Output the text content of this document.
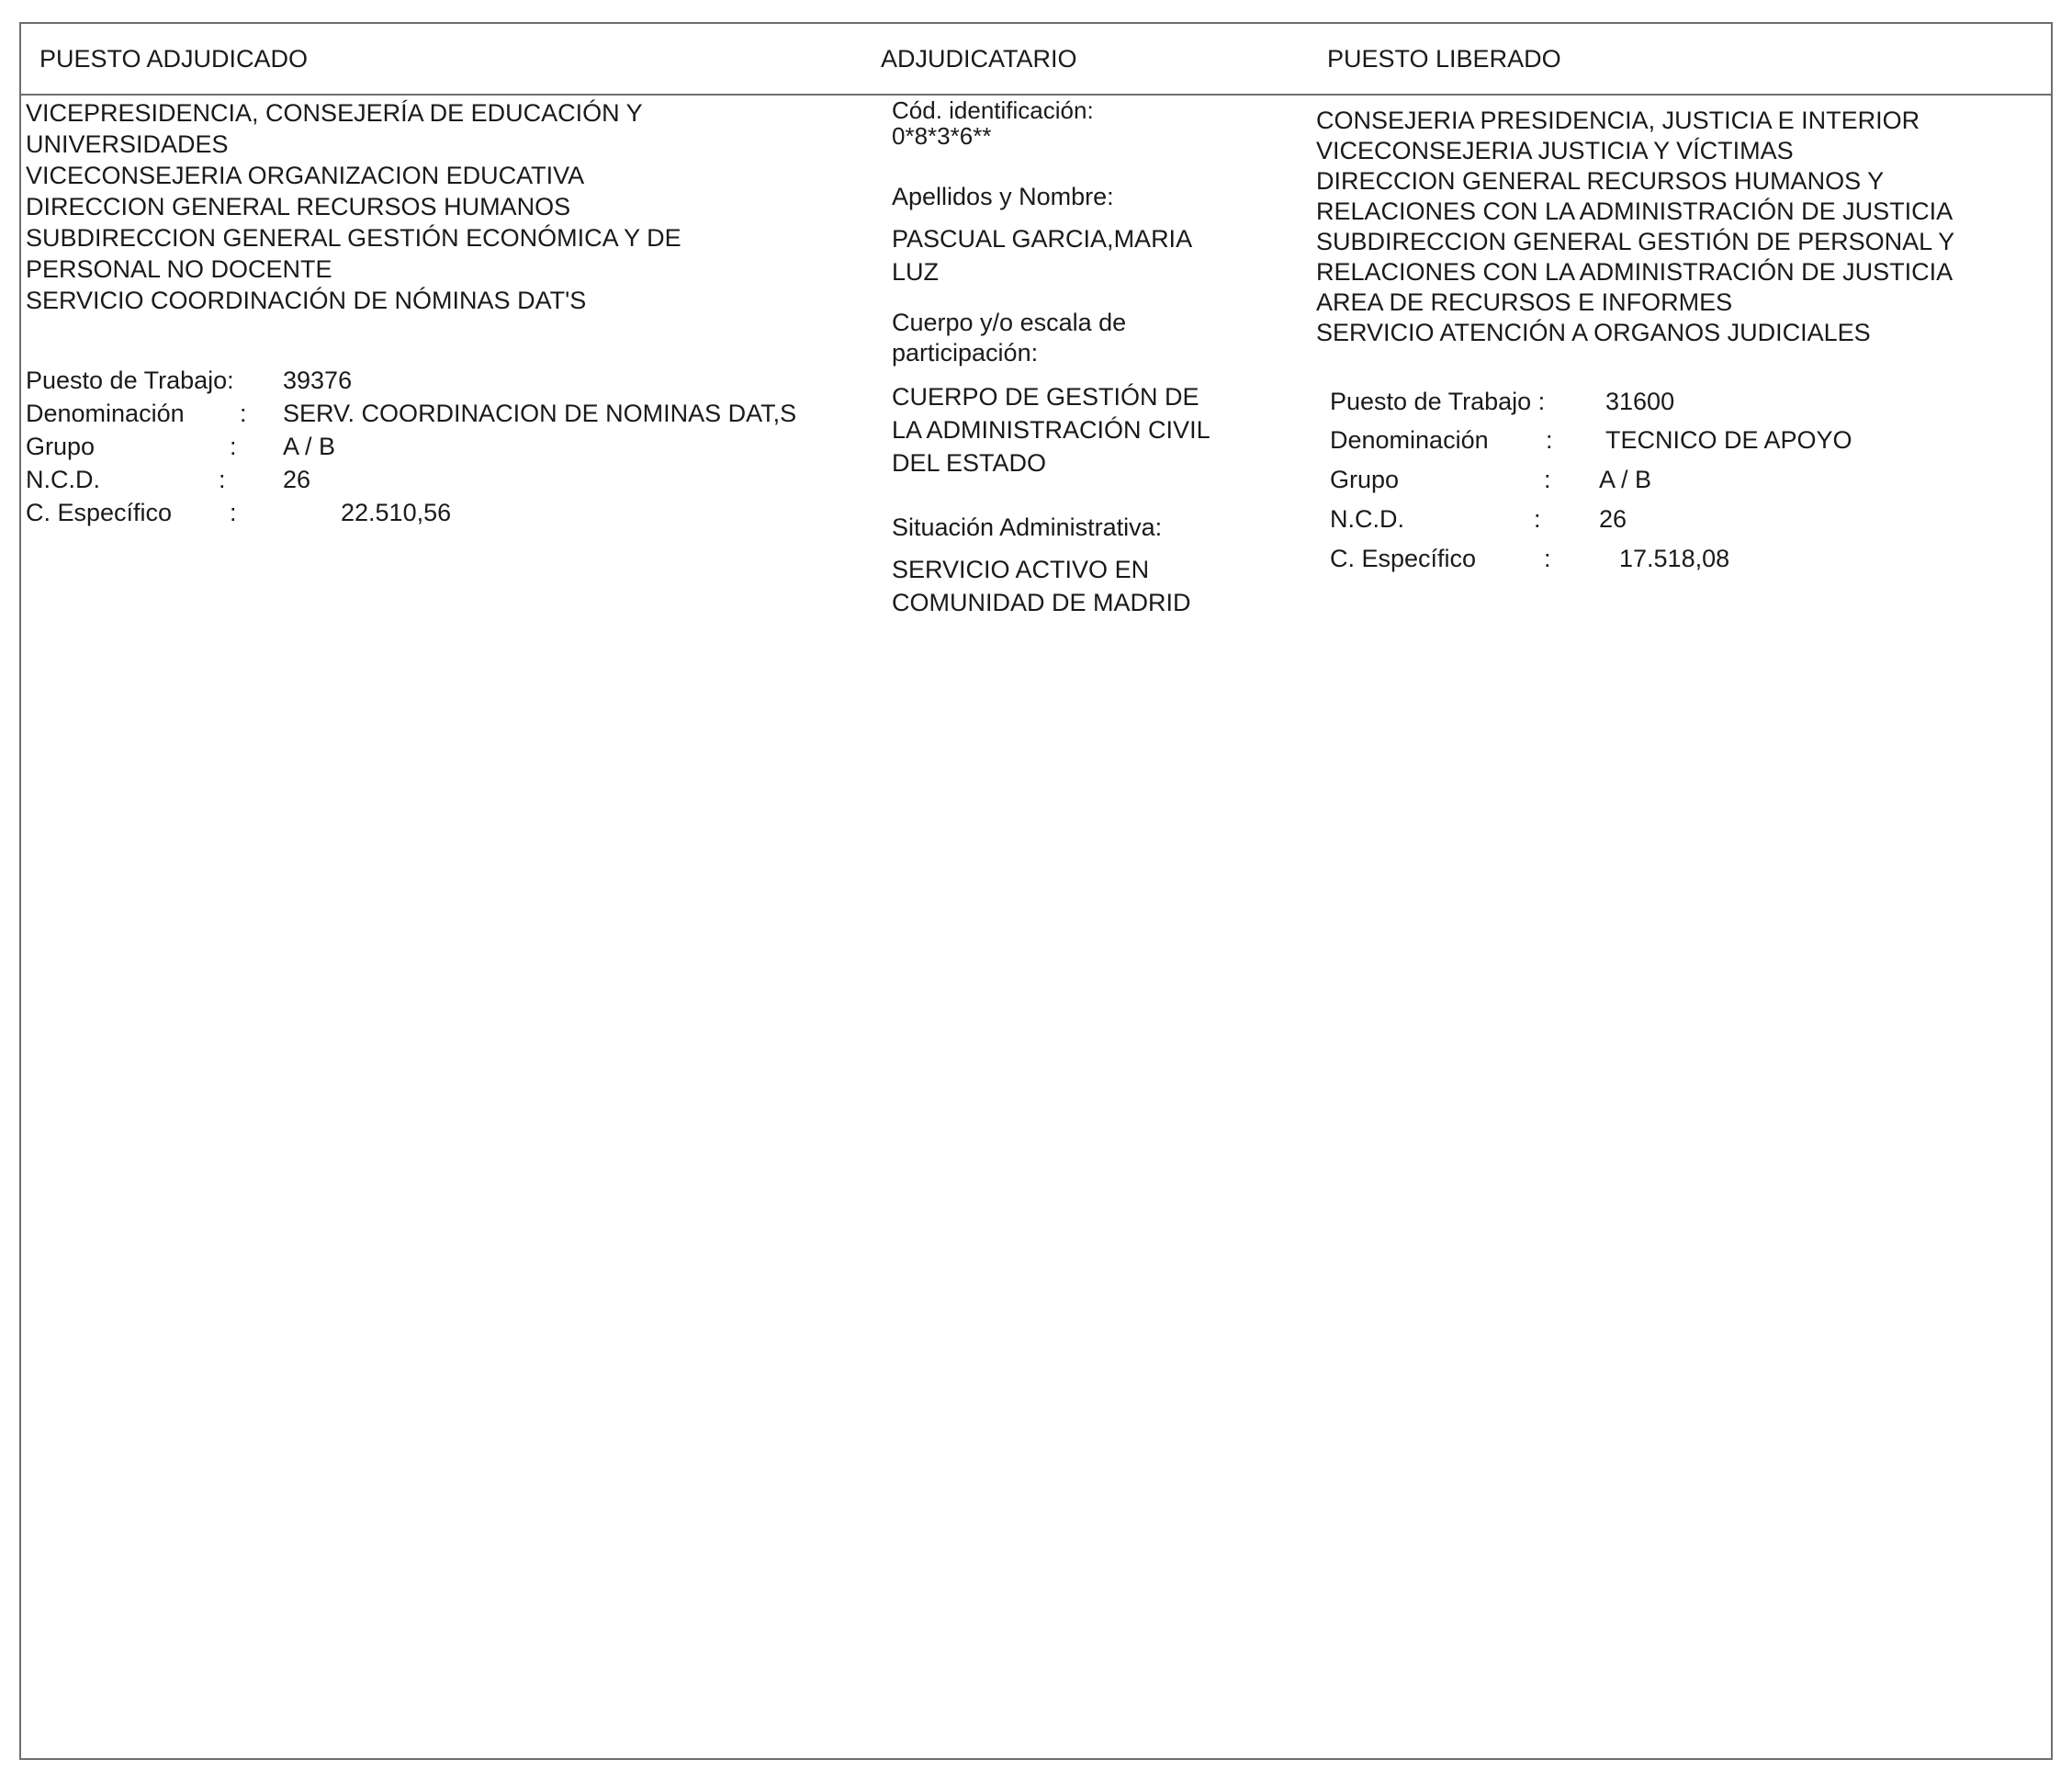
PUESTO ADJUDICADO	ADJUDICATARIO	PUESTO LIBERADO
VICEPRESIDENCIA, CONSEJERÍA DE EDUCACIÓN Y
UNIVERSIDADES
VICECONSEJERIA ORGANIZACION EDUCATIVA
DIRECCION GENERAL RECURSOS HUMANOS
SUBDIRECCION GENERAL GESTIÓN ECONÓMICA Y DE
PERSONAL NO DOCENTE
SERVICIO COORDINACIÓN DE NÓMINAS DAT'S
Puesto de Trabajo: 39376
Denominación : SERV. COORDINACION DE NOMINAS DAT,S
Grupo	: A / B
N.C.D.	: 26
C. Específico :	22.510,56
Cód. identificación:
0*8*3*6**
Apellidos y Nombre:
PASCUAL GARCIA,MARIA
LUZ
Cuerpo y/o escala de
participación:
CUERPO DE GESTIÓN DE
LA ADMINISTRACIÓN CIVIL
DEL ESTADO
Situación Administrativa:
SERVICIO ACTIVO EN
COMUNIDAD DE MADRID
CONSEJERIA PRESIDENCIA, JUSTICIA E INTERIOR
VICECONSEJERIA JUSTICIA Y VÍCTIMAS
DIRECCION GENERAL RECURSOS HUMANOS Y
RELACIONES CON LA ADMINISTRACIÓN DE JUSTICIA
SUBDIRECCION GENERAL GESTIÓN DE PERSONAL Y
RELACIONES CON LA ADMINISTRACIÓN DE JUSTICIA
AREA DE RECURSOS E INFORMES
SERVICIO ATENCIÓN A ORGANOS JUDICIALES
Puesto de Trabajo : 31600
Denominación : TECNICO DE APOYO
Grupo	: A / B
N.C.D.	: 26
C. Específico	:	17.518,08
